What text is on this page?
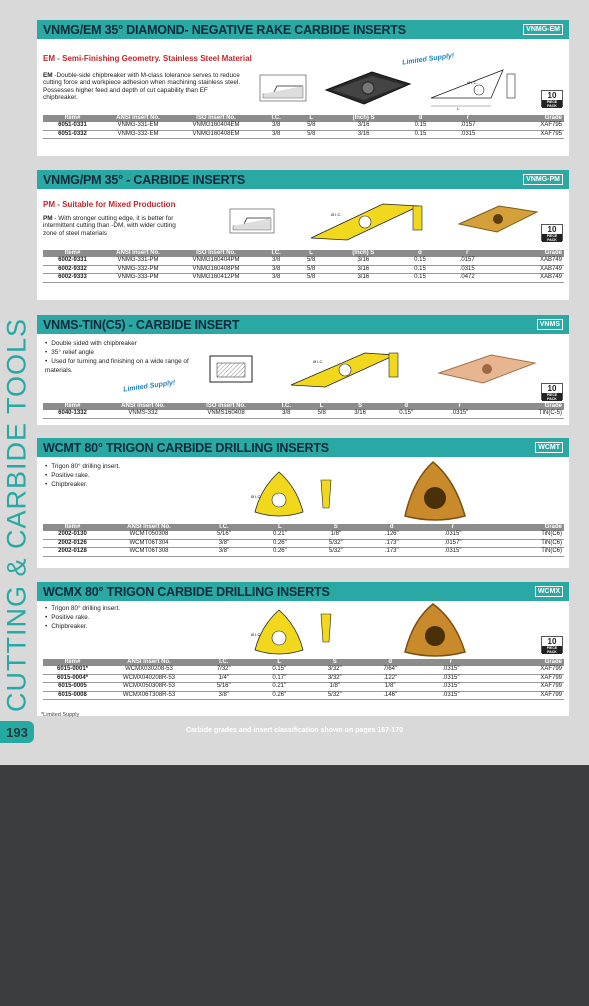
CUTTING & CARBIDE TOOLS
VNMG/EM 35° DIAMOND- NEGATIVE RAKE CARBIDE INSERTS	VNMG-EM
EM - Semi-Finishing Geometry. Stainless Steel Material
EM -Double-side chipbreaker with M-class tolerance serves to reduce cutting force and workpiece adhesion when machining stainless steel. Possesses higher feed and depth of cut capability than EF chipbreaker.
Limited Supply!
L
Ø I.C.
10
PIECE PACK
Item#	ANSI Insert No.	ISO Insert No.	I.C.	L	(Inch) S	d	r	Grade
6051-0331	VNMG-331-EM	VNMG160404EM	3/8	5/8	3/16	0.15	.0157	XAF795
6051-0332	VNMG-332-EM	VNMG160408EM	3/8	5/8	3/16	0.15	.0315	XAF795
VNMG/PM 35° - CARBIDE INSERTS	VNMG-PM
PM - Suitable for Mixed Production
PM - With stronger cutting edge, it is better for intermittent cutting than -DM, with wider cutting zone of steel materials
Ø I.C.
10
PIECE PACK
Item#	ANSI Insert No.	ISO Insert No.	I.C.	L	(Inch) S	d	r	Grade
6002-9331	VNMG-331-PM	VNMG160404PM	3/8	5/8	3/16	0.15	.0157	XAB749
6002-9332	VNMG-332-PM	VNMG160408PM	3/8	5/8	3/16	0.15	.0315	XAB749
6002-9333	VNMG-333-PM	VNMG160412PM	3/8	5/8	3/16	0.15	.0472	XAB749
VNMS-TIN(C5) - CARBIDE INSERT	VNMS
• Double sided with chipbreaker
• 35° relief angle
• Used for turning and finishing on a wide range of materials.
Limited Supply!
Ø I.C.
10
PIECE PACK
Item#	ANSI Insert No.	ISO Insert No.	I.C.	L	S	d	r	Grade
6040-1332	VNMS-332	VNMS160408	3/8	5/8	3/16	0.15"	.0315"	TIN(C-5)
WCMT 80° TRIGON CARBIDE DRILLING INSERTS	WCMT
• Trigon 80° drilling insert.
• Positive rake.
• Chipbreaker.
Ø I.C.
Item#	ANSI Insert No.	I.C.	L	S	d	r	Grade
2002-0130	WCMT050308	5/16"	0.21"	1/8"	.126"	.0315"	TiN(C6)
2002-0126	WCMT06T304	3/8"	0.26"	5/32"	.173"	.0157"	TiN(C6)
2002-0128	WCMT06T308	3/8"	0.26"	5/32"	.173"	.0315"	TiN(C6)
WCMX 80° TRIGON CARBIDE DRILLING INSERTS	WCMX
• Trigon 80° drilling insert.
• Positive rake.
• Chipbreaker.
Ø I.C.
10
PIECE PACK
Item#	ANSI Insert No.	I.C.	L	S	d	r	Grade
6015-0001*	WCMX030208-53	7/32"	0.15"	3/32"	7/64"	.0315"	XAF799
6015-0004*	WCMX040208R-53	1/4"	0.17"	3/32"	.122"	.0315"	XAF799
6015-0005	WCMX050308R-53	5/16"	0.21"	1/8"	1/8"	.0315"	XAF799
6015-0008	WCMX06T308R-53	3/8"	0.26"	5/32"	.146"	.0315"	XAF799
*Limited Supply
193	Carbide grades and insert classification shown on pages 167-170
